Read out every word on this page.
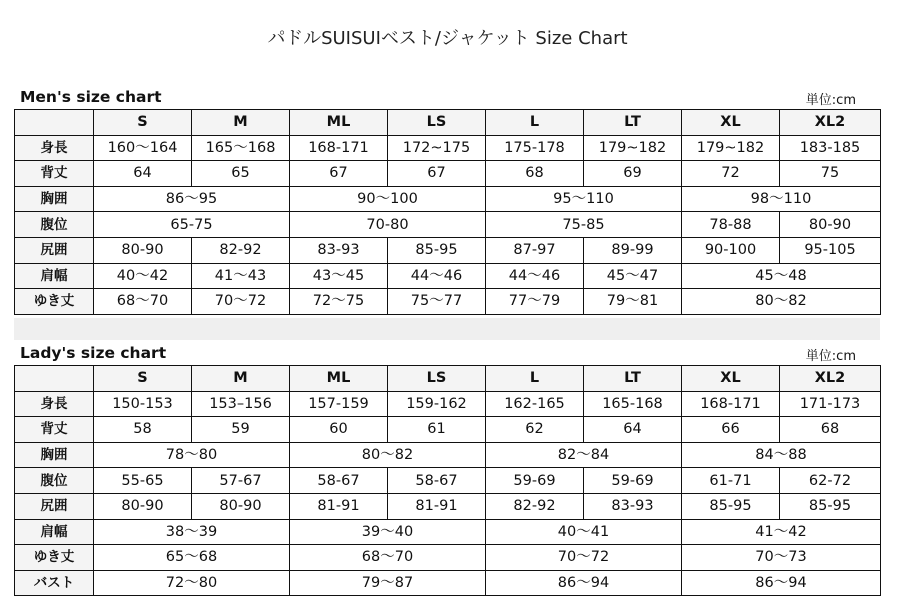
パドルSUISUIベスト/ジャケット Size Chart
Men's size chart	単位:cm
	S	M	ML	LS	L	LT	XL	XL2
身長	160〜164	165〜168	168-171	172~175	175-178	179~182	179~182	183-185
背丈	64	65	67	67	68	69	72	75
胸囲	86〜95		90〜100		95〜110		98〜110	
腹位	65-75		70-80		75-85		78-88	80-90
尻囲	80-90	82-92	83-93	85-95	87-97	89-99	90-100	95-105
肩幅	40〜42	41〜43	43〜45	44〜46	44〜46	45〜47	45〜48	
ゆき丈	68〜70	70〜72	72〜75	75〜77	77〜79	79〜81	80〜82	
Lady's size chart	単位:cm
	S	M	ML	LS	L	LT	XL	XL2
身長	150-153	153–156	157-159	159-162	162-165	165-168	168-171	171-173
背丈	58	59	60	61	62	64	66	68
胸囲	78〜80		80〜82		82〜84		84〜88	
腹位	55-65	57-67	58-67	58-67	59-69	59-69	61-71	62-72
尻囲	80-90	80-90	81-91	81-91	82-92	83-93	85-95	85-95
肩幅	38〜39		39〜40		40〜41		41〜42	
ゆき丈	65〜68		68〜70		70〜72		70〜73	
バスト	72〜80		79〜87		86〜94		86〜94	
